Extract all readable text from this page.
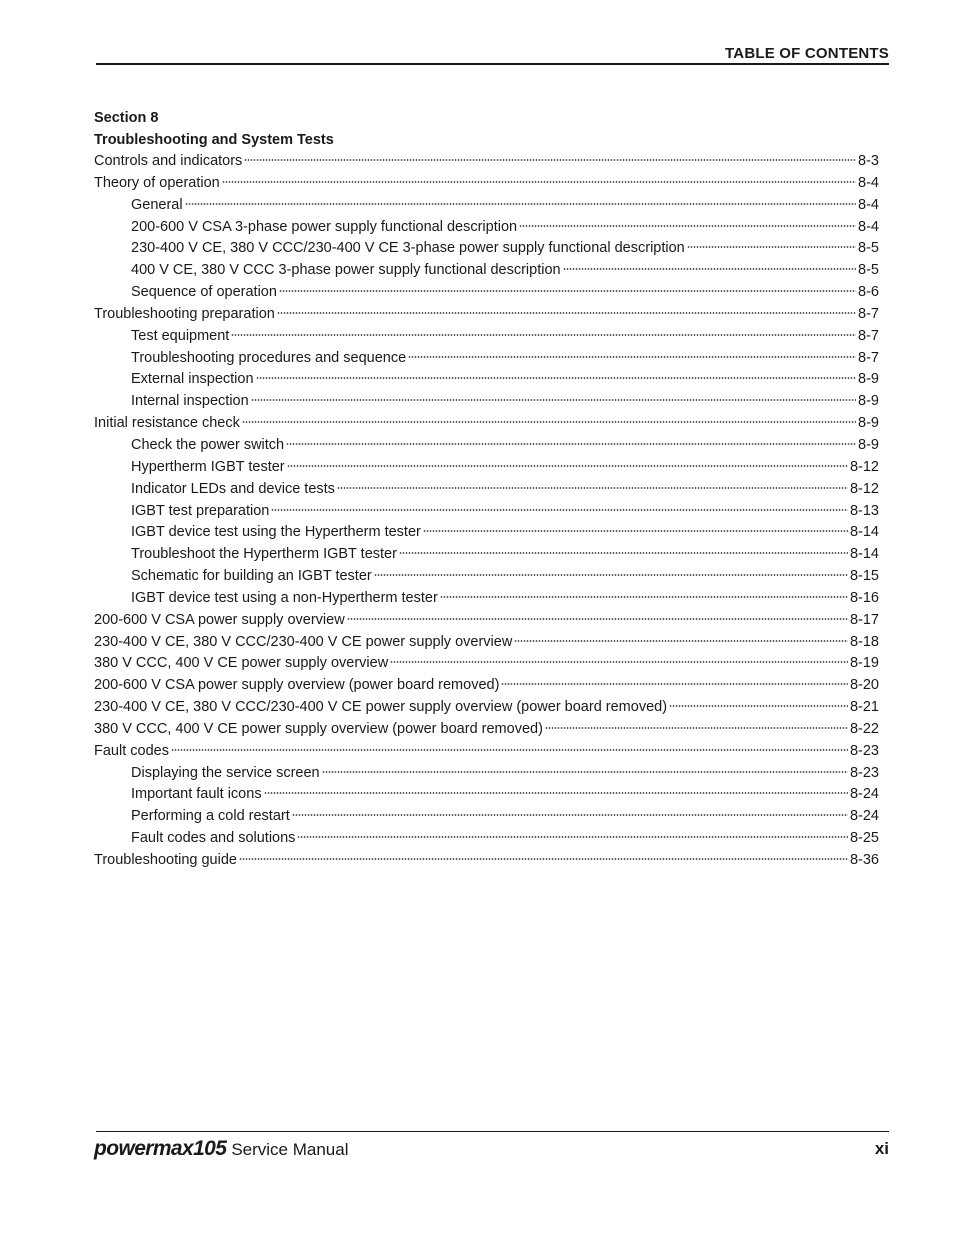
TABLE OF CONTENTS
Section 8
Troubleshooting and System Tests
Controls and indicators	8-3
Theory of operation	8-4
General	8-4
200-600 V CSA 3-phase power supply functional description	8-4
230-400 V CE, 380 V CCC/230-400 V CE 3-phase power supply functional description	8-5
400 V CE, 380 V CCC 3-phase power supply functional description	8-5
Sequence of operation	8-6
Troubleshooting preparation	8-7
Test equipment	8-7
Troubleshooting procedures and sequence	8-7
External inspection	8-9
Internal inspection	8-9
Initial resistance check	8-9
Check the power switch	8-9
Hypertherm IGBT tester	8-12
Indicator LEDs and device tests	8-12
IGBT test preparation	8-13
IGBT device test using the Hypertherm tester	8-14
Troubleshoot the Hypertherm IGBT tester	8-14
Schematic for building an IGBT tester	8-15
IGBT device test using a non-Hypertherm tester	8-16
200-600 V CSA power supply overview	8-17
230-400 V CE, 380 V CCC/230-400 V CE power supply overview	8-18
380 V CCC, 400 V CE power supply overview	8-19
200-600 V CSA power supply overview (power board removed)	8-20
230-400 V CE, 380 V CCC/230-400 V CE power supply overview (power board removed)	8-21
380 V CCC, 400 V CE power supply overview (power board removed)	8-22
Fault codes	8-23
Displaying the service screen	8-23
Important fault icons	8-24
Performing a cold restart	8-24
Fault codes and solutions	8-25
Troubleshooting guide	8-36
powermax105 Service Manual	xi
